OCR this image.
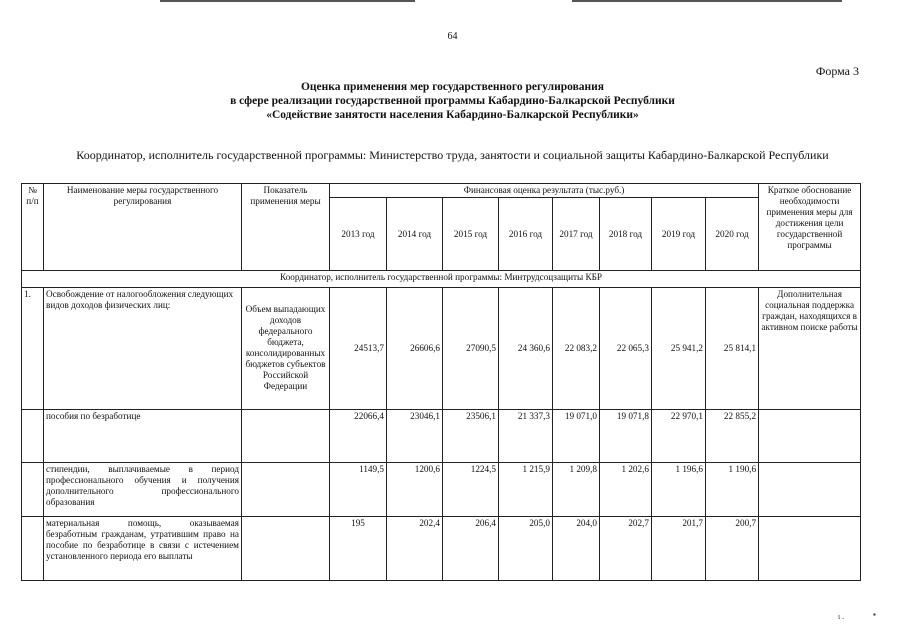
64
Форма 3
Оценка применения мер государственного регулирования
в сфере реализации государственной программы Кабардино-Балкарской Республики
«Содействие занятости населения Кабардино-Балкарской Республики»
Координатор, исполнитель государственной программы: Министерство труда, занятости и социальной защиты Кабардино-Балкарской Республики
№ п/п	Наименование меры государственного регулирования	Показатель применения меры	Финансовая оценка результата (тыс.руб.)								Краткое обоснование необходимости применения меры для достижения цели государственной программы
			2013 год	2014 год	2015 год	2016 год	2017 год	2018 год	2019 год	2020 год	
Координатор, исполнитель государственной программы: Минтрудсоцзащиты КБР											
1.	Освобождение от налогообложения следующих видов доходов физических лиц:	Объем выпадающих доходов федерального бюджета, консолидированных бюджетов субъектов Российской Федерации	24513,7	26606,6	27090,5	24 360,6	22 083,2	22 065,3	25 941,2	25 814,1	Дополнительная социальная поддержка граждан, находящихся в активном поиске работы
	пособия по безработице		22066,4	23046,1	23506,1	21 337,3	19 071,0	19 071,8	22 970,1	22 855,2	
	стипендии, выплачиваемые в период профессионального обучения и получения дополнительного профессионального образования		1149,5	1200,6	1224,5	1 215,9	1 209,8	1 202,6	1 196,6	1 190,6	
	материальная помощь, оказываемая безработным гражданам, утратившим право на пособие по безработице в связи с истечением установленного периода его выплаты		195	202,4	206,4	205,0	204,0	202,7	201,7	200,7	
ι .	▪
